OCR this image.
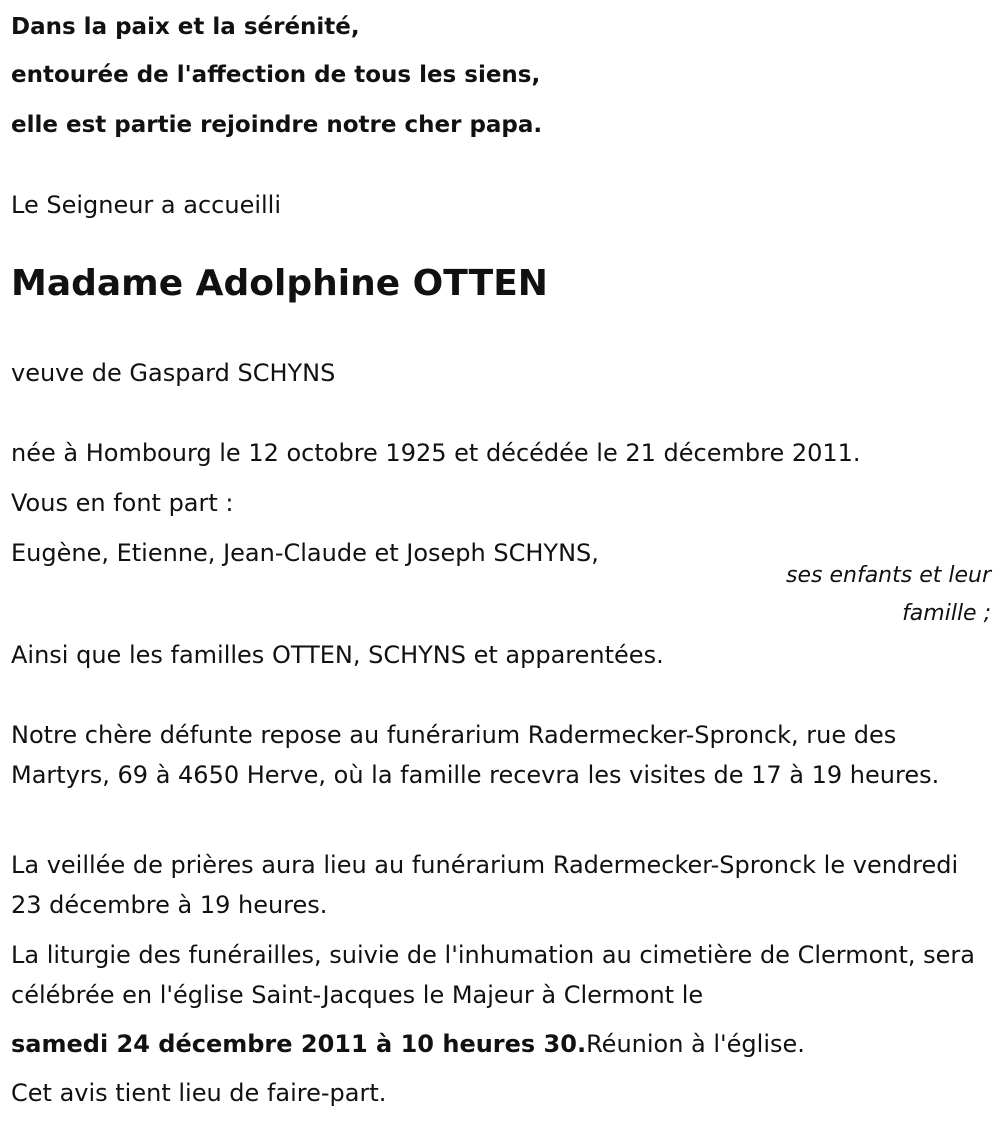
Dans la paix et la sérénité,
entourée de l'affection de tous les siens,
elle est partie rejoindre notre cher papa.
Le Seigneur a accueilli
Madame Adolphine OTTEN
veuve de Gaspard SCHYNS
née à Hombourg le 12 octobre 1925 et décédée le 21 décembre 2011.
Vous en font part :
Eugène, Etienne, Jean-Claude et Joseph SCHYNS,
ses enfants et leur famille ;
Ainsi que les familles OTTEN, SCHYNS et apparentées.
Notre chère défunte repose au funérarium Radermecker-Spronck, rue des Martyrs, 69 à 4650 Herve, où la famille recevra les visites de 17 à 19 heures.
La veillée de prières aura lieu au funérarium Radermecker-Spronck le vendredi 23 décembre à 19 heures.
La liturgie des funérailles, suivie de l'inhumation au cimetière de Clermont, sera célébrée en l'église Saint-Jacques le Majeur à Clermont le
samedi 24 décembre 2011 à 10 heures 30.Réunion à l'église.
Cet avis tient lieu de faire-part.
